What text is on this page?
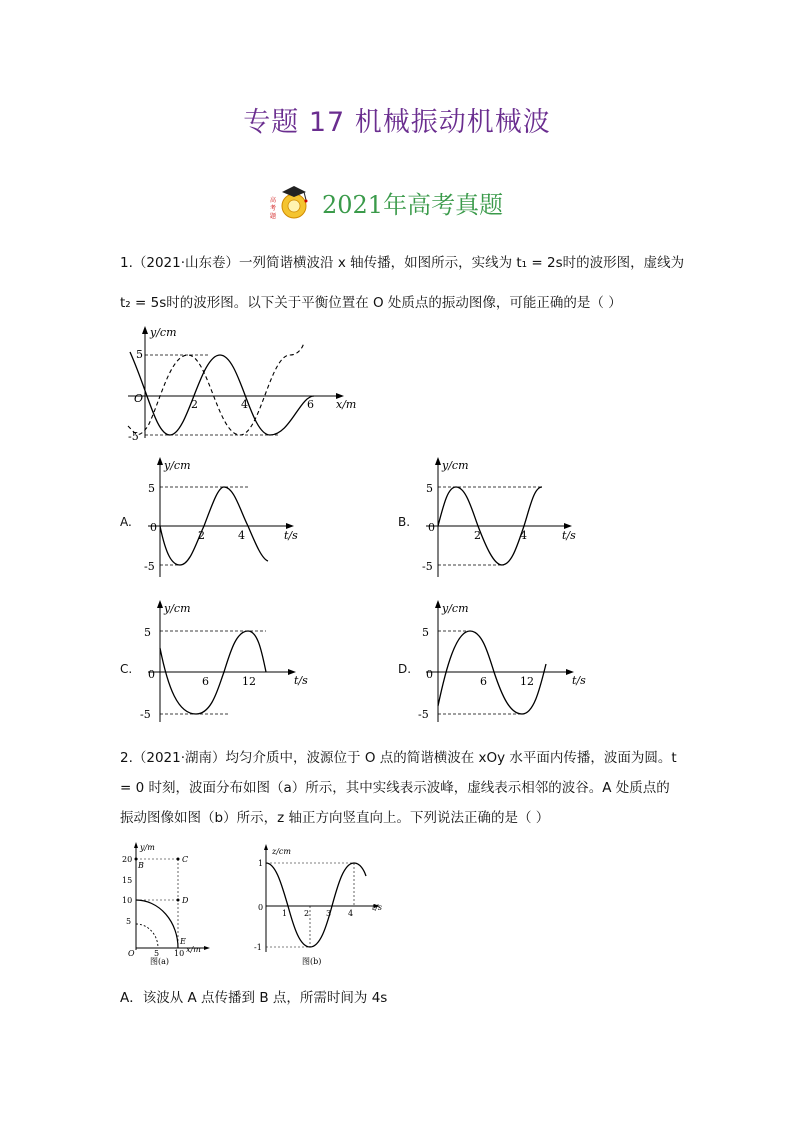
专题 17 机械振动机械波
高
考
题 2021年高考真题
1.（2021·山东卷）一列简谐横波沿 x 轴传播，如图所示，实线为 t₁ = 2s时的波形图，虚线为
t₂ = 5s时的波形图。以下关于平衡位置在 O 处质点的振动图像，可能正确的是（ ）
y/cm
x/m
O
5
-5
2	4	6
A.
y/cm
t/s
0
5
-5
2	4
B.
y/cm
t/s
0
5
-5
2	4
C.
y/cm
t/s
0
5
-5
6	12
D.
y/cm
t/s
0
5
-5
6	12
2.（2021·湖南）均匀介质中，波源位于 O 点的简谐横波在 xOy 水平面内传播，波面为圆。t
= 0 时刻，波面分布如图（a）所示，其中实线表示波峰，虚线表示相邻的波谷。A 处质点的
振动图像如图（b）所示，z 轴正方向竖直向上。下列说法正确的是（ ）
y/m
x/m
O
20
15
10
5
5 10
B
C
D
E
图(a)
z/cm
t/s
0
1
-1
1 2 3 4
图(b)
A．该波从 A 点传播到 B 点，所需时间为 4s
